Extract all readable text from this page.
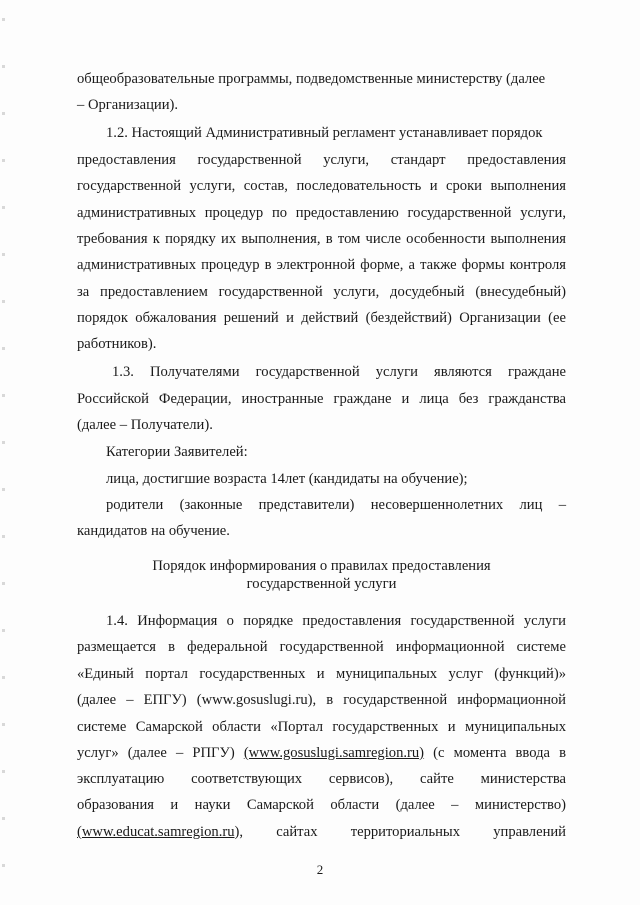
общеобразовательные программы, подведомственные министерству (далее

– Организации).

1.2. Настоящий Административный регламент устанавливает порядок

предоставления государственной услуги, стандарт предоставления

государственной услуги, состав, последовательность и сроки выполнения

административных процедур по предоставлению государственной услуги,

требования к порядку их выполнения, в том числе особенности выполнения

административных процедур в электронной форме, а также формы контроля

за предоставлением государственной услуги, досудебный (внесудебный)

порядок обжалования решений и действий (бездействий) Организации (ее

работников).

1.3. Получателями государственной услуги являются граждане

Российской Федерации, иностранные граждане и лица без гражданства

(далее – Получатели).

Категории Заявителей:

лица, достигшие возраста 14лет (кандидаты на обучение);

родители (законные представители) несовершеннолетних лиц –

кандидатов на обучение.

Порядок информирования о правилах предоставления

государственной услуги

1.4. Информация о порядке предоставления государственной услуги

размещается в федеральной государственной информационной системе

«Единый портал государственных и муниципальных услуг (функций)»

(далее – ЕПГУ) (www.gosuslugi.ru), в государственной информационной

системе Самарской области «Портал государственных и муниципальных

услуг» (далее – РПГУ) (www.gosuslugi.samregion.ru) (с момента ввода в

эксплуатацию соответствующих сервисов), сайте министерства

образования и науки Самарской области (далее – министерство)

(www.educat.samregion.ru), сайтах территориальных управлений

2
